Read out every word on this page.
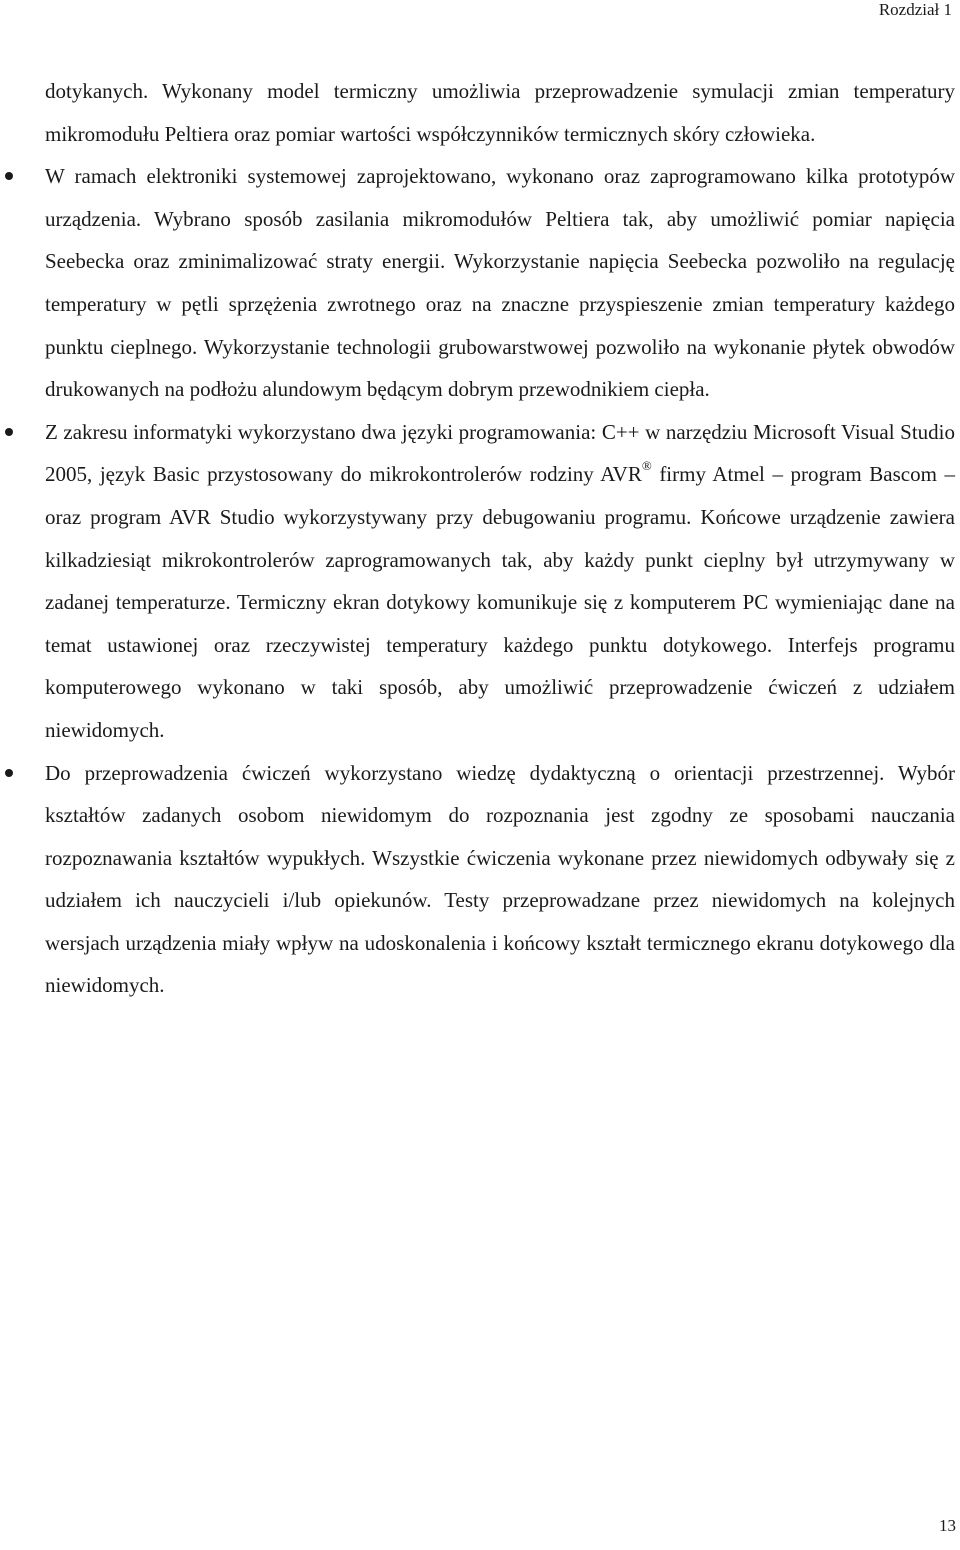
Rozdział 1

dotykanych. Wykonany model termiczny umożliwia przeprowadzenie symulacji zmian temperatury mikromodułu Peltiera oraz pomiar wartości współczynników termicznych skóry człowieka.

W ramach elektroniki systemowej zaprojektowano, wykonano oraz zaprogramowano kilka prototypów urządzenia. Wybrano sposób zasilania mikromodułów Peltiera tak, aby umożliwić pomiar napięcia Seebecka oraz zminimalizować straty energii. Wykorzystanie napięcia Seebecka pozwoliło na regulację temperatury w pętli sprzężenia zwrotnego oraz na znaczne przyspieszenie zmian temperatury każdego punktu cieplnego. Wykorzystanie technologii grubowarstwowej pozwoliło na wykonanie płytek obwodów drukowanych na podłożu alundowym będącym dobrym przewodnikiem ciepła.

Z zakresu informatyki wykorzystano dwa języki programowania: C++ w narzędziu Microsoft Visual Studio 2005, język Basic przystosowany do mikrokontrolerów rodziny AVR® firmy Atmel – program Bascom – oraz program AVR Studio wykorzystywany przy debugowaniu programu. Końcowe urządzenie zawiera kilkadziesiąt mikrokontrolerów zaprogramowanych tak, aby każdy punkt cieplny był utrzymywany w zadanej temperaturze. Termiczny ekran dotykowy komunikuje się z komputerem PC wymieniając dane na temat ustawionej oraz rzeczywistej temperatury każdego punktu dotykowego. Interfejs programu komputerowego wykonano w taki sposób, aby umożliwić przeprowadzenie ćwiczeń z udziałem niewidomych.

Do przeprowadzenia ćwiczeń wykorzystano wiedzę dydaktyczną o orientacji przestrzennej. Wybór kształtów zadanych osobom niewidomym do rozpoznania jest zgodny ze sposobami nauczania rozpoznawania kształtów wypukłych. Wszystkie ćwiczenia wykonane przez niewidomych odbywały się z udziałem ich nauczycieli i/lub opiekunów. Testy przeprowadzane przez niewidomych na kolejnych wersjach urządzenia miały wpływ na udoskonalenia i końcowy kształt termicznego ekranu dotykowego dla niewidomych.

13
